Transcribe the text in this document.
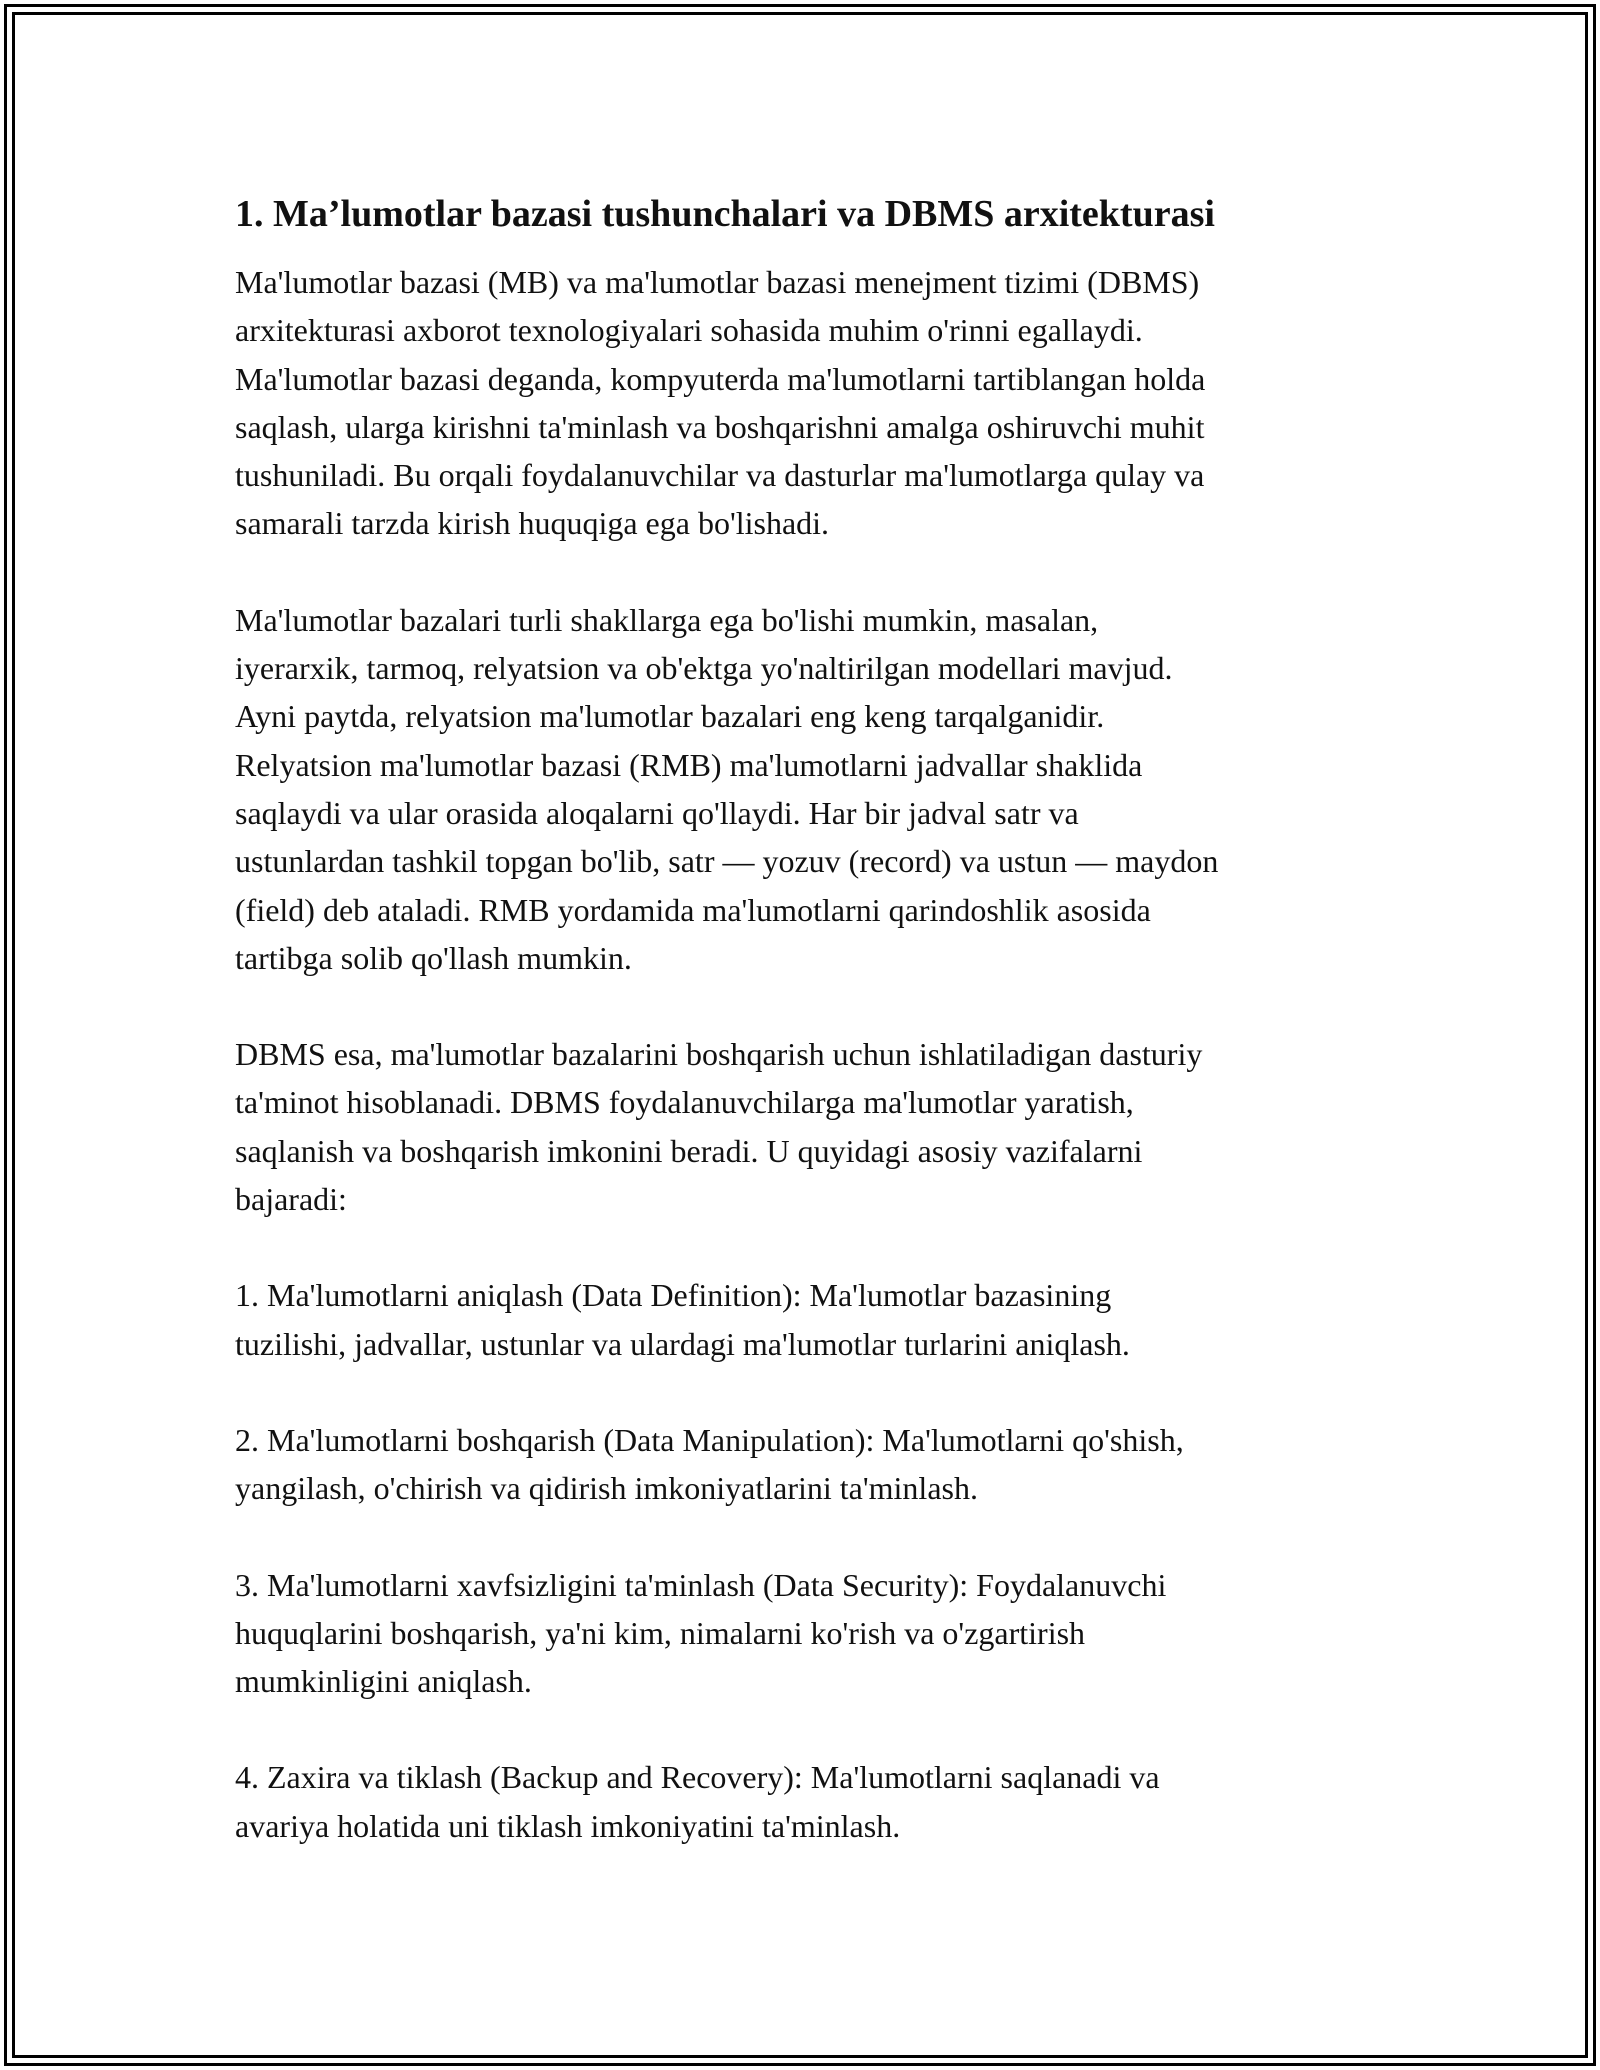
1. Ma’lumotlar bazasi tushunchalari va DBMS arxitekturasi

Ma'lumotlar bazasi (MB) va ma'lumotlar bazasi menejment tizimi (DBMS)
arxitekturasi axborot texnologiyalari sohasida muhim o'rinni egallaydi.
Ma'lumotlar bazasi deganda, kompyuterda ma'lumotlarni tartiblangan holda
saqlash, ularga kirishni ta'minlash va boshqarishni amalga oshiruvchi muhit
tushuniladi. Bu orqali foydalanuvchilar va dasturlar ma'lumotlarga qulay va
samarali tarzda kirish huquqiga ega bo'lishadi.

Ma'lumotlar bazalari turli shakllarga ega bo'lishi mumkin, masalan,
iyerarxik, tarmoq, relyatsion va ob'ektga yo'naltirilgan modellari mavjud.
Ayni paytda, relyatsion ma'lumotlar bazalari eng keng tarqalganidir.
Relyatsion ma'lumotlar bazasi (RMB) ma'lumotlarni jadvallar shaklida
saqlaydi va ular orasida aloqalarni qo'llaydi. Har bir jadval satr va
ustunlardan tashkil topgan bo'lib, satr — yozuv (record) va ustun — maydon
(field) deb ataladi. RMB yordamida ma'lumotlarni qarindoshlik asosida
tartibga solib qo'llash mumkin.

DBMS esa, ma'lumotlar bazalarini boshqarish uchun ishlatiladigan dasturiy
ta'minot hisoblanadi. DBMS foydalanuvchilarga ma'lumotlar yaratish,
saqlanish va boshqarish imkonini beradi. U quyidagi asosiy vazifalarni
bajaradi:

1. Ma'lumotlarni aniqlash (Data Definition): Ma'lumotlar bazasining
tuzilishi, jadvallar, ustunlar va ulardagi ma'lumotlar turlarini aniqlash.

2. Ma'lumotlarni boshqarish (Data Manipulation): Ma'lumotlarni qo'shish,
yangilash, o'chirish va qidirish imkoniyatlarini ta'minlash.

3. Ma'lumotlarni xavfsizligini ta'minlash (Data Security): Foydalanuvchi
huquqlarini boshqarish, ya'ni kim, nimalarni ko'rish va o'zgartirish
mumkinligini aniqlash.

4. Zaxira va tiklash (Backup and Recovery): Ma'lumotlarni saqlanadi va
avariya holatida uni tiklash imkoniyatini ta'minlash.
